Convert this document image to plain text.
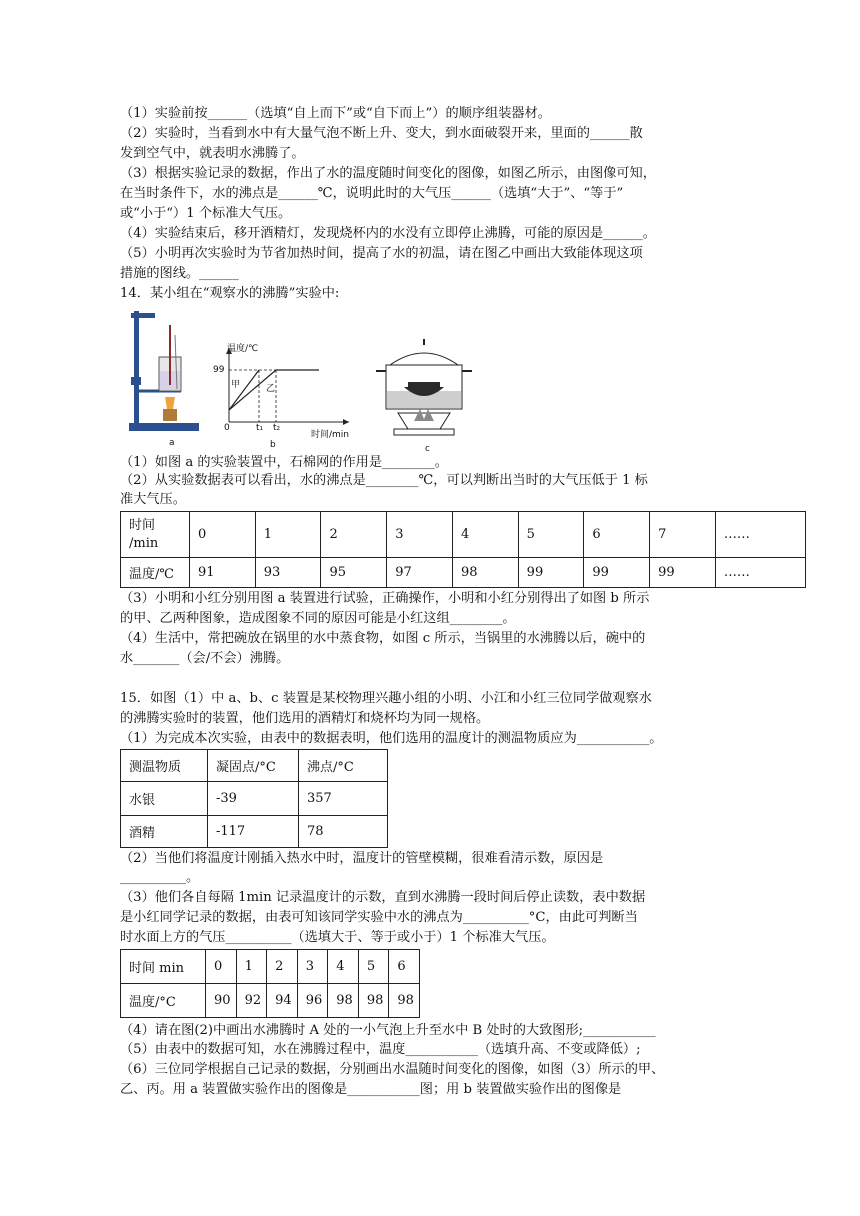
（1）实验前按______（选填“自上而下”或“自下而上”）的顺序组装器材。
（2）实验时，当看到水中有大量气泡不断上升、变大，到水面破裂开来，里面的______散
发到空气中，就表明水沸腾了。
（3）根据实验记录的数据，作出了水的温度随时间变化的图像，如图乙所示，由图像可知，
在当时条件下，水的沸点是______℃，说明此时的大气压______（选填“大于”、“等于”
或“小于“）1 个标准大气压。
（4）实验结束后，移开酒精灯，发现烧杯内的水没有立即停止沸腾，可能的原因是______。
（5）小明再次实验时为节省加热时间，提高了水的初温，请在图乙中画出大致能体现这项
措施的图线。______
14．某小组在“观察水的沸腾”实验中:
a
温度/℃
99
甲	乙
0	t₁ t₂
时间/min
b	c
（1）如图 a 的实验装置中，石棉网的作用是________。
（2）从实验数据表可以看出，水的沸点是________℃，可以判断出当时的大气压低于 1 标
准大气压。
时间
/min	0	1	2	3	4	5	6	7	……
温度/℃	91	93	95	97	98	99	99	99	……
（3）小明和小红分别用图 a 装置进行试验，正确操作，小明和小红分别得出了如图 b 所示
的甲、乙两种图象，造成图象不同的原因可能是小红这组________。
（4）生活中，常把碗放在锅里的水中蒸食物，如图 c 所示，当锅里的水沸腾以后，碗中的
水_______（会/不会）沸腾。
15．如图（1）中 a、b、c 装置是某校物理兴趣小组的小明、小江和小红三位同学做观察水
的沸腾实验时的装置，他们选用的酒精灯和烧杯均为同一规格。
（1）为完成本次实验，由表中的数据表明，他们选用的温度计的测温物质应为___________。
测温物质	凝固点/°C	沸点/°C
水银	-39	357
酒精	-117	78
（2）当他们将温度计刚插入热水中时，温度计的管壁模糊，很难看清示数，原因是
__________。
（3）他们各自每隔 1min 记录温度计的示数，直到水沸腾一段时间后停止读数，表中数据
是小红同学记录的数据，由表可知该同学实验中水的沸点为__________°C，由此可判断当
时水面上方的气压__________（选填大于、等于或小于）1 个标准大气压。
时间 min	0	1	2	3	4	5	6
温度/°C	90	92	94	96	98	98	98
（4）请在图(2)中画出水沸腾时 A 处的一小气泡上升至水中 B 处时的大致图形;___________
（5）由表中的数据可知，水在沸腾过程中，温度___________（选填升高、不变或降低）;
（6）三位同学根据自己记录的数据，分别画出水温随时间变化的图像，如图（3）所示的甲、
乙、丙。用 a 装置做实验作出的图像是___________图；用 b 装置做实验作出的图像是
